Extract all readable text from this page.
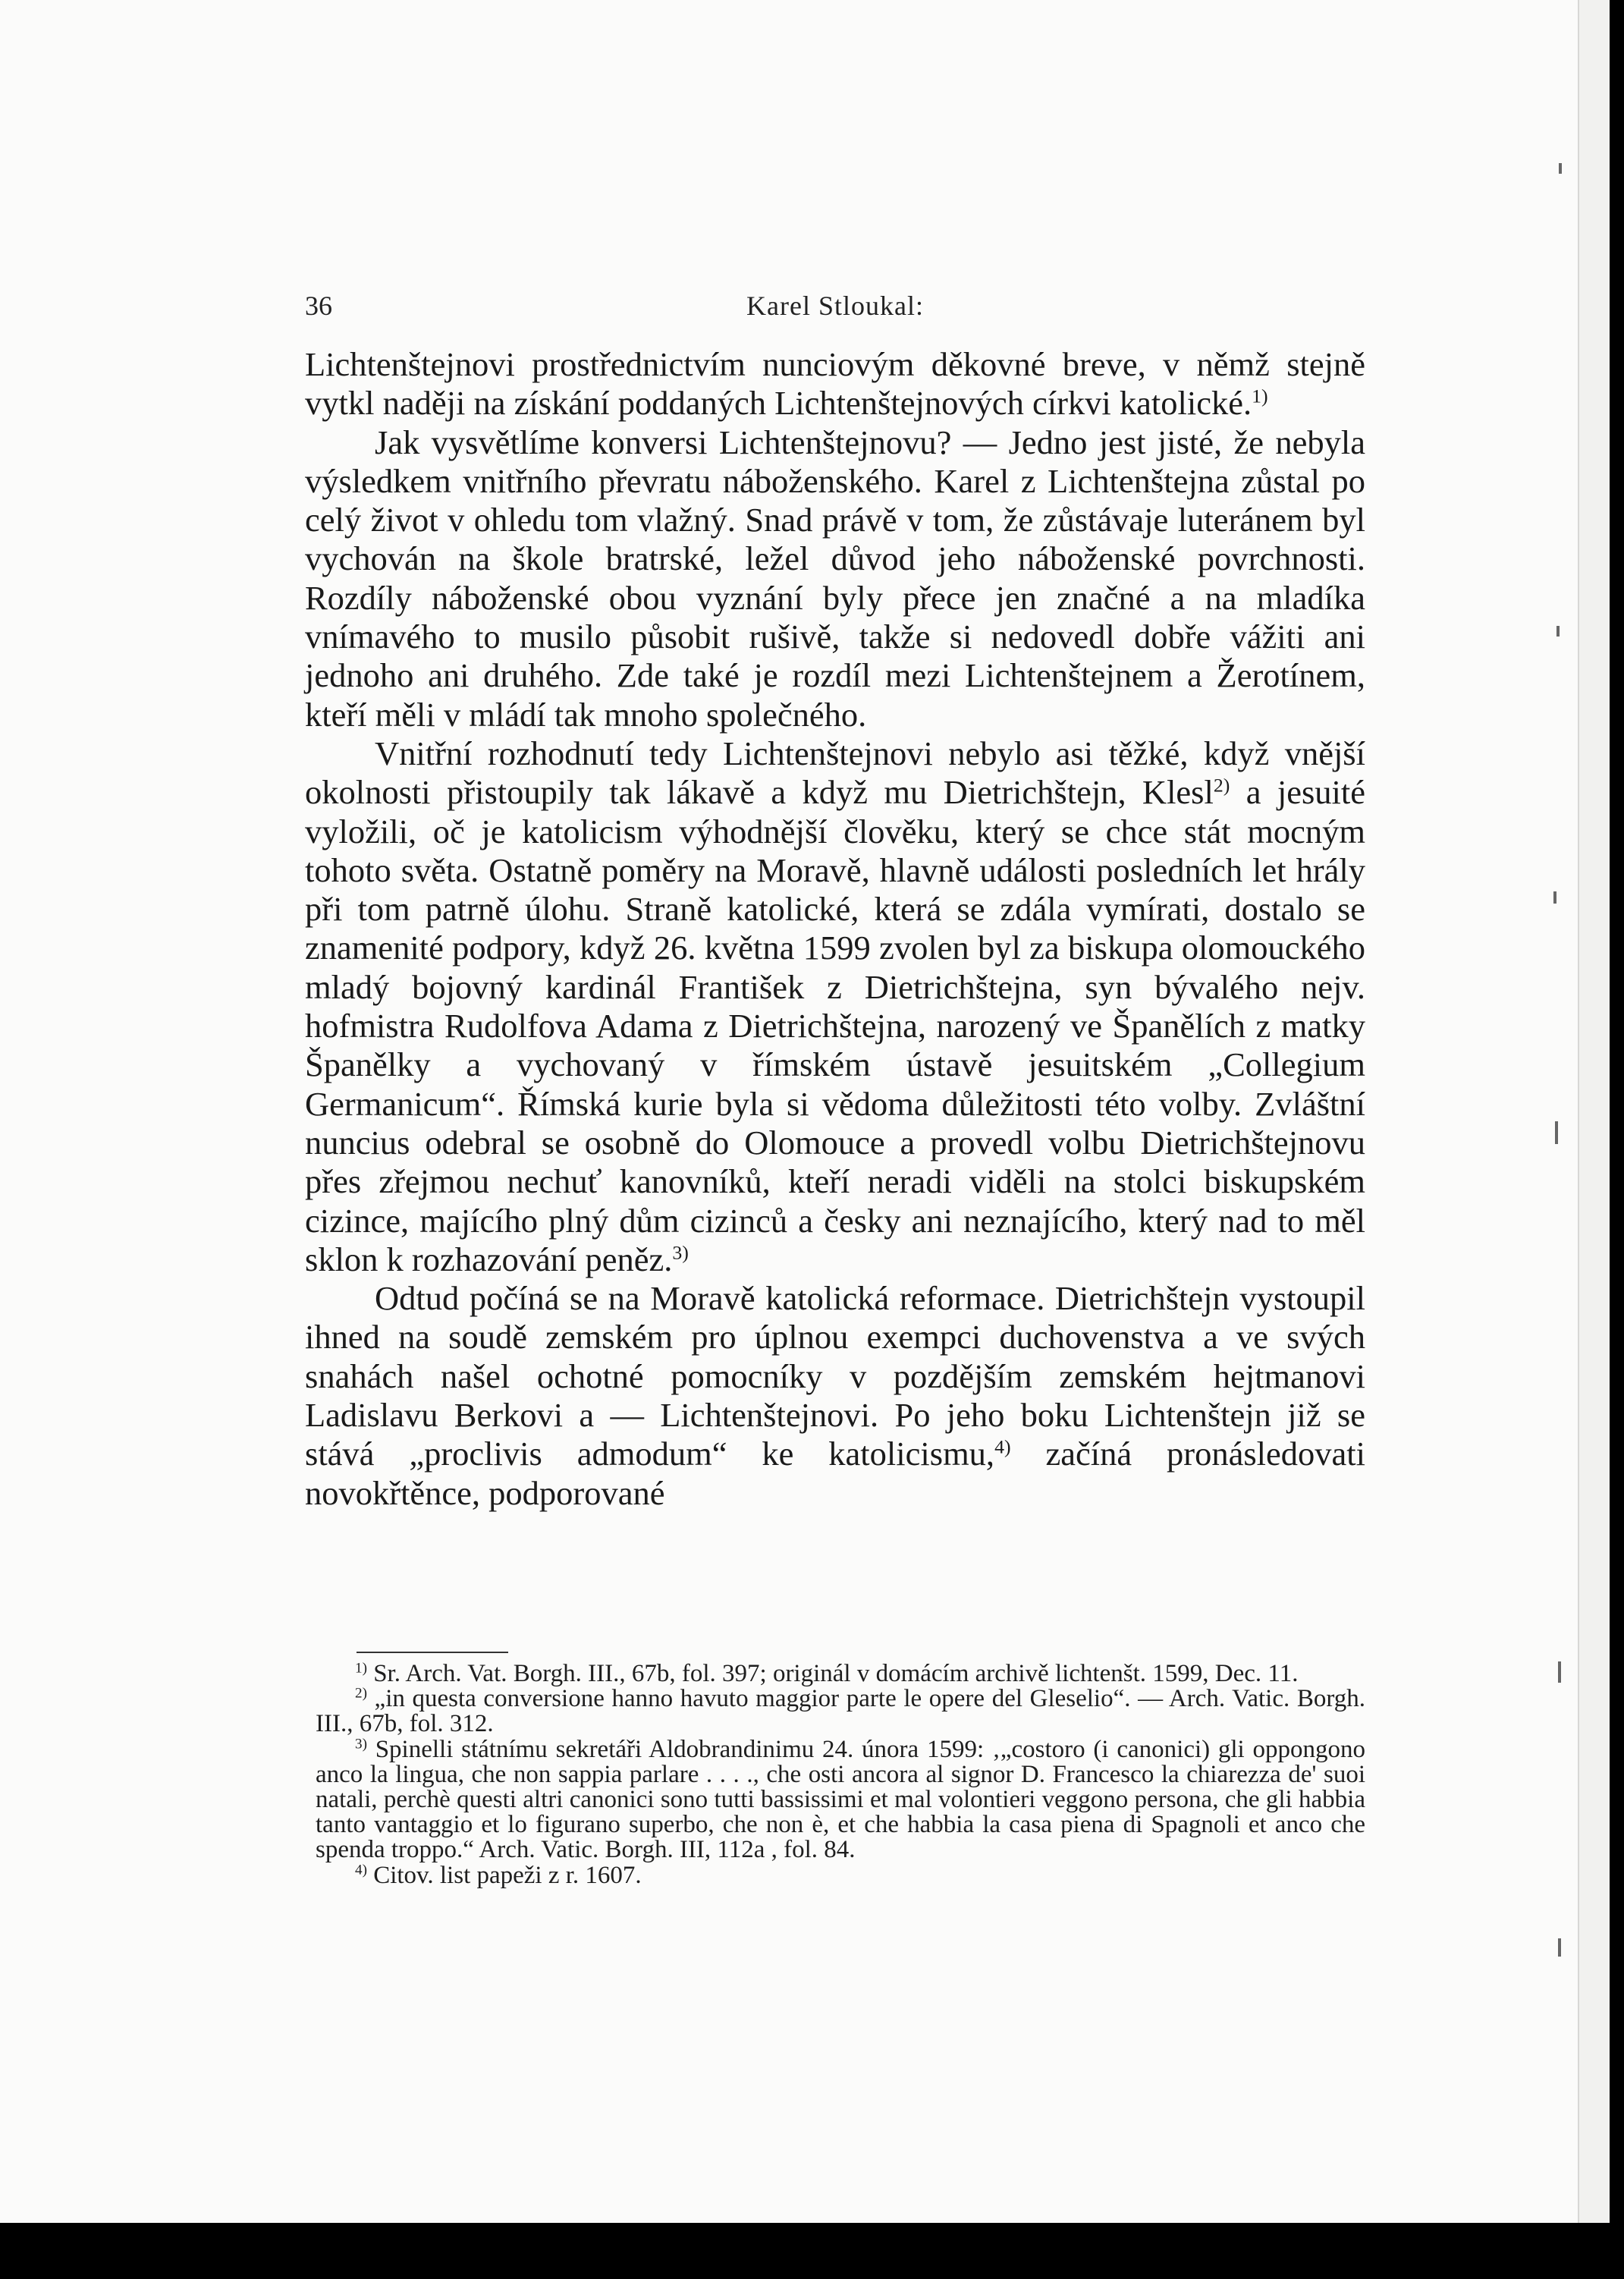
36	Karel Stloukal:

Lichtenštejnovi prostřednictvím nunciovým děkovné breve, v němž stejně vytkl naději na získání poddaných Lichtenštejnových církvi katolické.$^{1)}$

Jak vysvětlíme konversi Lichtenštejnovu? — Jedno jest jisté, že nebyla výsledkem vnitřního převratu náboženského. Karel z Lichtenštejna zůstal po celý život v ohledu tom vlažný. Snad právě v tom, že zůstávaje luteránem byl vychován na škole bratrské, ležel důvod jeho náboženské povrchnosti. Rozdíly náboženské obou vyznání byly přece jen značné a na mladíka vnímavého to musilo působit rušivě, takže si nedovedl dobře vážiti ani jednoho ani druhého. Zde také je rozdíl mezi Lichtenštejnem a Žerotínem, kteří měli v mládí tak mnoho společného.

Vnitřní rozhodnutí tedy Lichtenštejnovi nebylo asi těžké, když vnější okolnosti přistoupily tak lákavě a když mu Dietrichštejn, Klesl$^{2)}$ a jesuité vyložili, oč je katolicism výhodnější člověku, který se chce stát mocným tohoto světa. Ostatně poměry na Moravě, hlavně události posledních let hrály při tom patrně úlohu. Straně katolické, která se zdála vymírati, dostalo se znamenité podpory, když 26. května 1599 zvolen byl za biskupa olomouckého mladý bojovný kardinál František z Dietrichštejna, syn bývalého nejv. hofmistra Rudolfova Adama z Dietrichštejna, narozený ve Španělích z matky Španělky a vychovaný v římském ústavě jesuitském „Collegium Germanicum“. Římská kurie byla si vědoma důležitosti této volby. Zvláštní nuncius odebral se osobně do Olomouce a provedl volbu Dietrichštejnovu přes zřejmou nechuť kanovníků, kteří neradi viděli na stolci biskupském cizince, majícího plný dům cizinců a česky ani neznajícího, který nad to měl sklon k rozhazování peněz.$^{3)}$

Odtud počíná se na Moravě katolická reformace. Dietrichštejn vystoupil ihned na soudě zemském pro úplnou exempci duchovenstva a ve svých snahách našel ochotné pomocníky v pozdějším zemském hejtmanovi Ladislavu Berkovi a — Lichtenštejnovi. Po jeho boku Lichtenštejn již se stává „proclivis admodum“ ke katolicismu,$^{4)}$ začíná pronásledovati novokřtěnce, podporované

$^{1)}$ Sr. Arch. Vat. Borgh. III., 67b, fol. 397; originál v domácím archivě lichtenšt. 1599, Dec. 11.

$^{2)}$ „in questa conversione hanno havuto maggior parte le opere del Gleselio“. — Arch. Vatic. Borgh. III., 67b, fol. 312.

$^{3)}$ Spinelli státnímu sekretáři Aldobrandinimu 24. února 1599: ‚„costoro (i canonici) gli oppongono anco la lingua, che non sappia parlare . . . ., che osti ancora al signor D. Francesco la chiarezza de' suoi natali, perchè questi altri canonici sono tutti bassissimi et mal volontieri veggono persona, che gli habbia tanto vantaggio et lo figurano superbo, che non è, et che habbia la casa piena di Spagnoli et anco che spenda troppo.“ Arch. Vatic. Borgh. III, 112a , fol. 84.

$^{4)}$ Citov. list papeži z r. 1607.
